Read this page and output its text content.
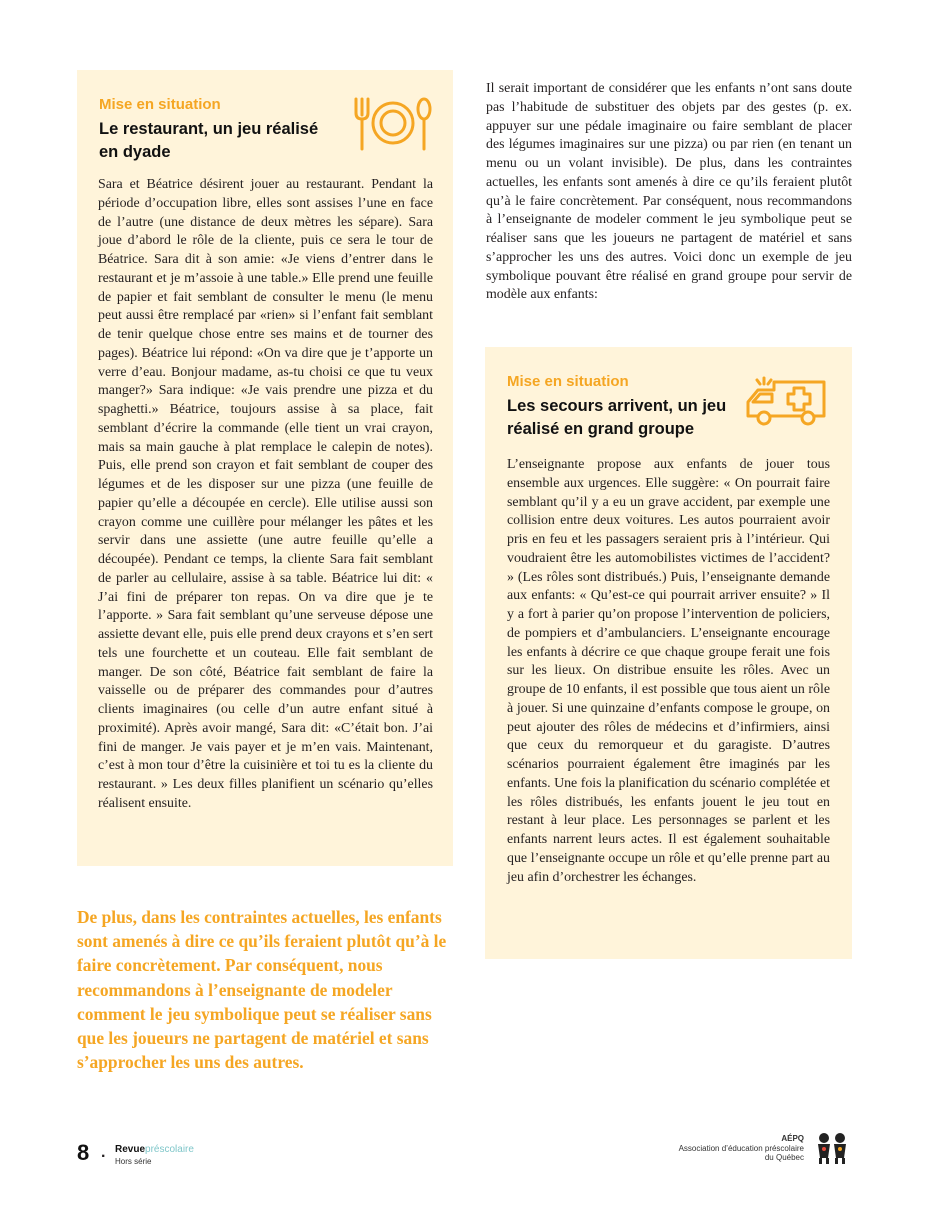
Mise en situation
Le restaurant, un jeu réalisé
en dyade
Sara et Béatrice désirent jouer au restaurant. Pendant la période d’occupation libre, elles sont assises l’une en face de l’autre (une distance de deux mètres les sépare). Sara joue d’abord le rôle de la cliente, puis ce sera le tour de Béatrice. Sara dit à son amie: «Je viens d’entrer dans le restaurant et je m’assoie à une table.» Elle prend une feuille de papier et fait semblant de consulter le menu (le menu peut aussi être remplacé par «rien» si l’enfant fait semblant de tenir quelque chose entre ses mains et de tourner des pages). Béatrice lui répond: «On va dire que je t’apporte un verre d’eau. Bonjour madame, as-tu choisi ce que tu veux manger?» Sara indique: «Je vais prendre une pizza et du spaghetti.» Béatrice, toujours assise à sa place, fait semblant d’écrire la commande (elle tient un vrai crayon, mais sa main gauche à plat remplace le calepin de notes). Puis, elle prend son crayon et fait semblant de couper des légumes et de les disposer sur une pizza (une feuille de papier qu’elle a découpée en cercle). Elle utilise aussi son crayon comme une cuillère pour mélanger les pâtes et les servir dans une assiette (une autre feuille qu’elle a découpée). Pendant ce temps, la cliente Sara fait semblant de parler au cellulaire, assise à sa table. Béatrice lui dit: « J’ai fini de préparer ton repas. On va dire que je te l’apporte. » Sara fait semblant qu’une serveuse dépose une assiette devant elle, puis elle prend deux crayons et s’en sert tels une fourchette et un couteau. Elle fait semblant de manger. De son côté, Béatrice fait semblant de faire la vaisselle ou de préparer des commandes pour d’autres clients imaginaires (ou celle d’un autre enfant situé à proximité). Après avoir mangé, Sara dit: «C’était bon. J’ai fini de manger. Je vais payer et je m’en vais. Maintenant, c’est à mon tour d’être la cuisinière et toi tu es la cliente du restaurant. » Les deux filles planifient un scénario qu’elles réalisent ensuite.
De plus, dans les contraintes actuelles, les enfants sont amenés à dire ce qu’ils feraient plutôt qu’à le faire concrètement. Par conséquent, nous recommandons à l’enseignante de modeler comment le jeu symbolique peut se réaliser sans que les joueurs ne partagent de matériel et sans s’approcher les uns des autres.
Il serait important de considérer que les enfants n’ont sans doute pas l’habitude de substituer des objets par des gestes (p. ex. appuyer sur une pédale imaginaire ou faire semblant de placer des légumes imaginaires sur une pizza) ou par rien (en tenant un menu ou un volant invisible). De plus, dans les contraintes actuelles, les enfants sont amenés à dire ce qu’ils feraient plutôt qu’à le faire concrètement. Par conséquent, nous recommandons à l’enseignante de modeler comment le jeu symbolique peut se réaliser sans que les joueurs ne partagent de matériel et sans s’approcher les uns des autres. Voici donc un exemple de jeu symbolique pouvant être réalisé en grand groupe pour servir de modèle aux enfants:
Mise en situation
Les secours arrivent, un jeu
réalisé en grand groupe
L’enseignante propose aux enfants de jouer tous ensemble aux urgences. Elle suggère: « On pourrait faire semblant qu’il y a eu un grave accident, par exemple une collision entre deux voitures. Les autos pourraient avoir pris en feu et les passagers seraient pris à l’intérieur. Qui voudraient être les automobilistes victimes de l’accident? » (Les rôles sont distribués.) Puis, l’enseignante demande aux enfants: « Qu’est-ce qui pourrait arriver ensuite? » Il y a fort à parier qu’on propose l’intervention de policiers, de pompiers et d’ambulanciers. L’enseignante encourage les enfants à décrire ce que chaque groupe ferait une fois sur les lieux. On distribue ensuite les rôles. Avec un groupe de 10 enfants, il est possible que tous aient un rôle à jouer. Si une quinzaine d’enfants compose le groupe, on peut ajouter des rôles de médecins et d’infirmiers, ainsi que ceux du remorqueur et du garagiste. D’autres scénarios pourraient également être imaginés par les enfants. Une fois la planification du scénario complétée et les rôles distribués, les enfants jouent le jeu tout en restant à leur place. Les personnages se parlent et les enfants narrent leurs actes. Il est également souhaitable que l’enseignante occupe un rôle et qu’elle prenne part au jeu afin d’orchestrer les échanges.
8 . Revuepréscolaire
Hors série
AÉPQ
Association d’éducation préscolaire
du Québec
